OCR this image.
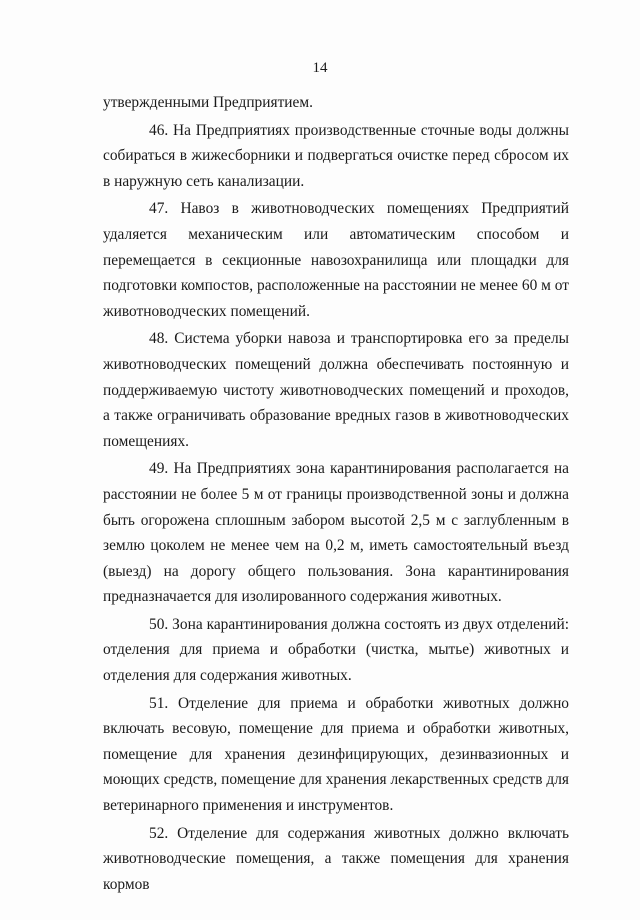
14

утвержденными Предприятием.

46. На Предприятиях производственные сточные воды должны собираться в жижесборники и подвергаться очистке перед сбросом их в наружную сеть канализации.

47. Навоз в животноводческих помещениях Предприятий удаляется механическим или автоматическим способом и перемещается в секционные навозохранилища или площадки для подготовки компостов, расположенные на расстоянии не менее 60 м от животноводческих помещений.

48. Система уборки навоза и транспортировка его за пределы животноводческих помещений должна обеспечивать постоянную и поддерживаемую чистоту животноводческих помещений и проходов, а также ограничивать образование вредных газов в животноводческих помещениях.

49. На Предприятиях зона карантинирования располагается на расстоянии не более 5 м от границы производственной зоны и должна быть огорожена сплошным забором высотой 2,5 м с заглубленным в землю цоколем не менее чем на 0,2 м, иметь самостоятельный въезд (выезд) на дорогу общего пользования. Зона карантинирования предназначается для изолированного содержания животных.

50. Зона карантинирования должна состоять из двух отделений: отделения для приема и обработки (чистка, мытье) животных и отделения для содержания животных.

51. Отделение для приема и обработки животных должно включать весовую, помещение для приема и обработки животных, помещение для хранения дезинфицирующих, дезинвазионных и моющих средств, помещение для хранения лекарственных средств для ветеринарного применения и инструментов.

52. Отделение для содержания животных должно включать животноводческие помещения, а также помещения для хранения кормов
